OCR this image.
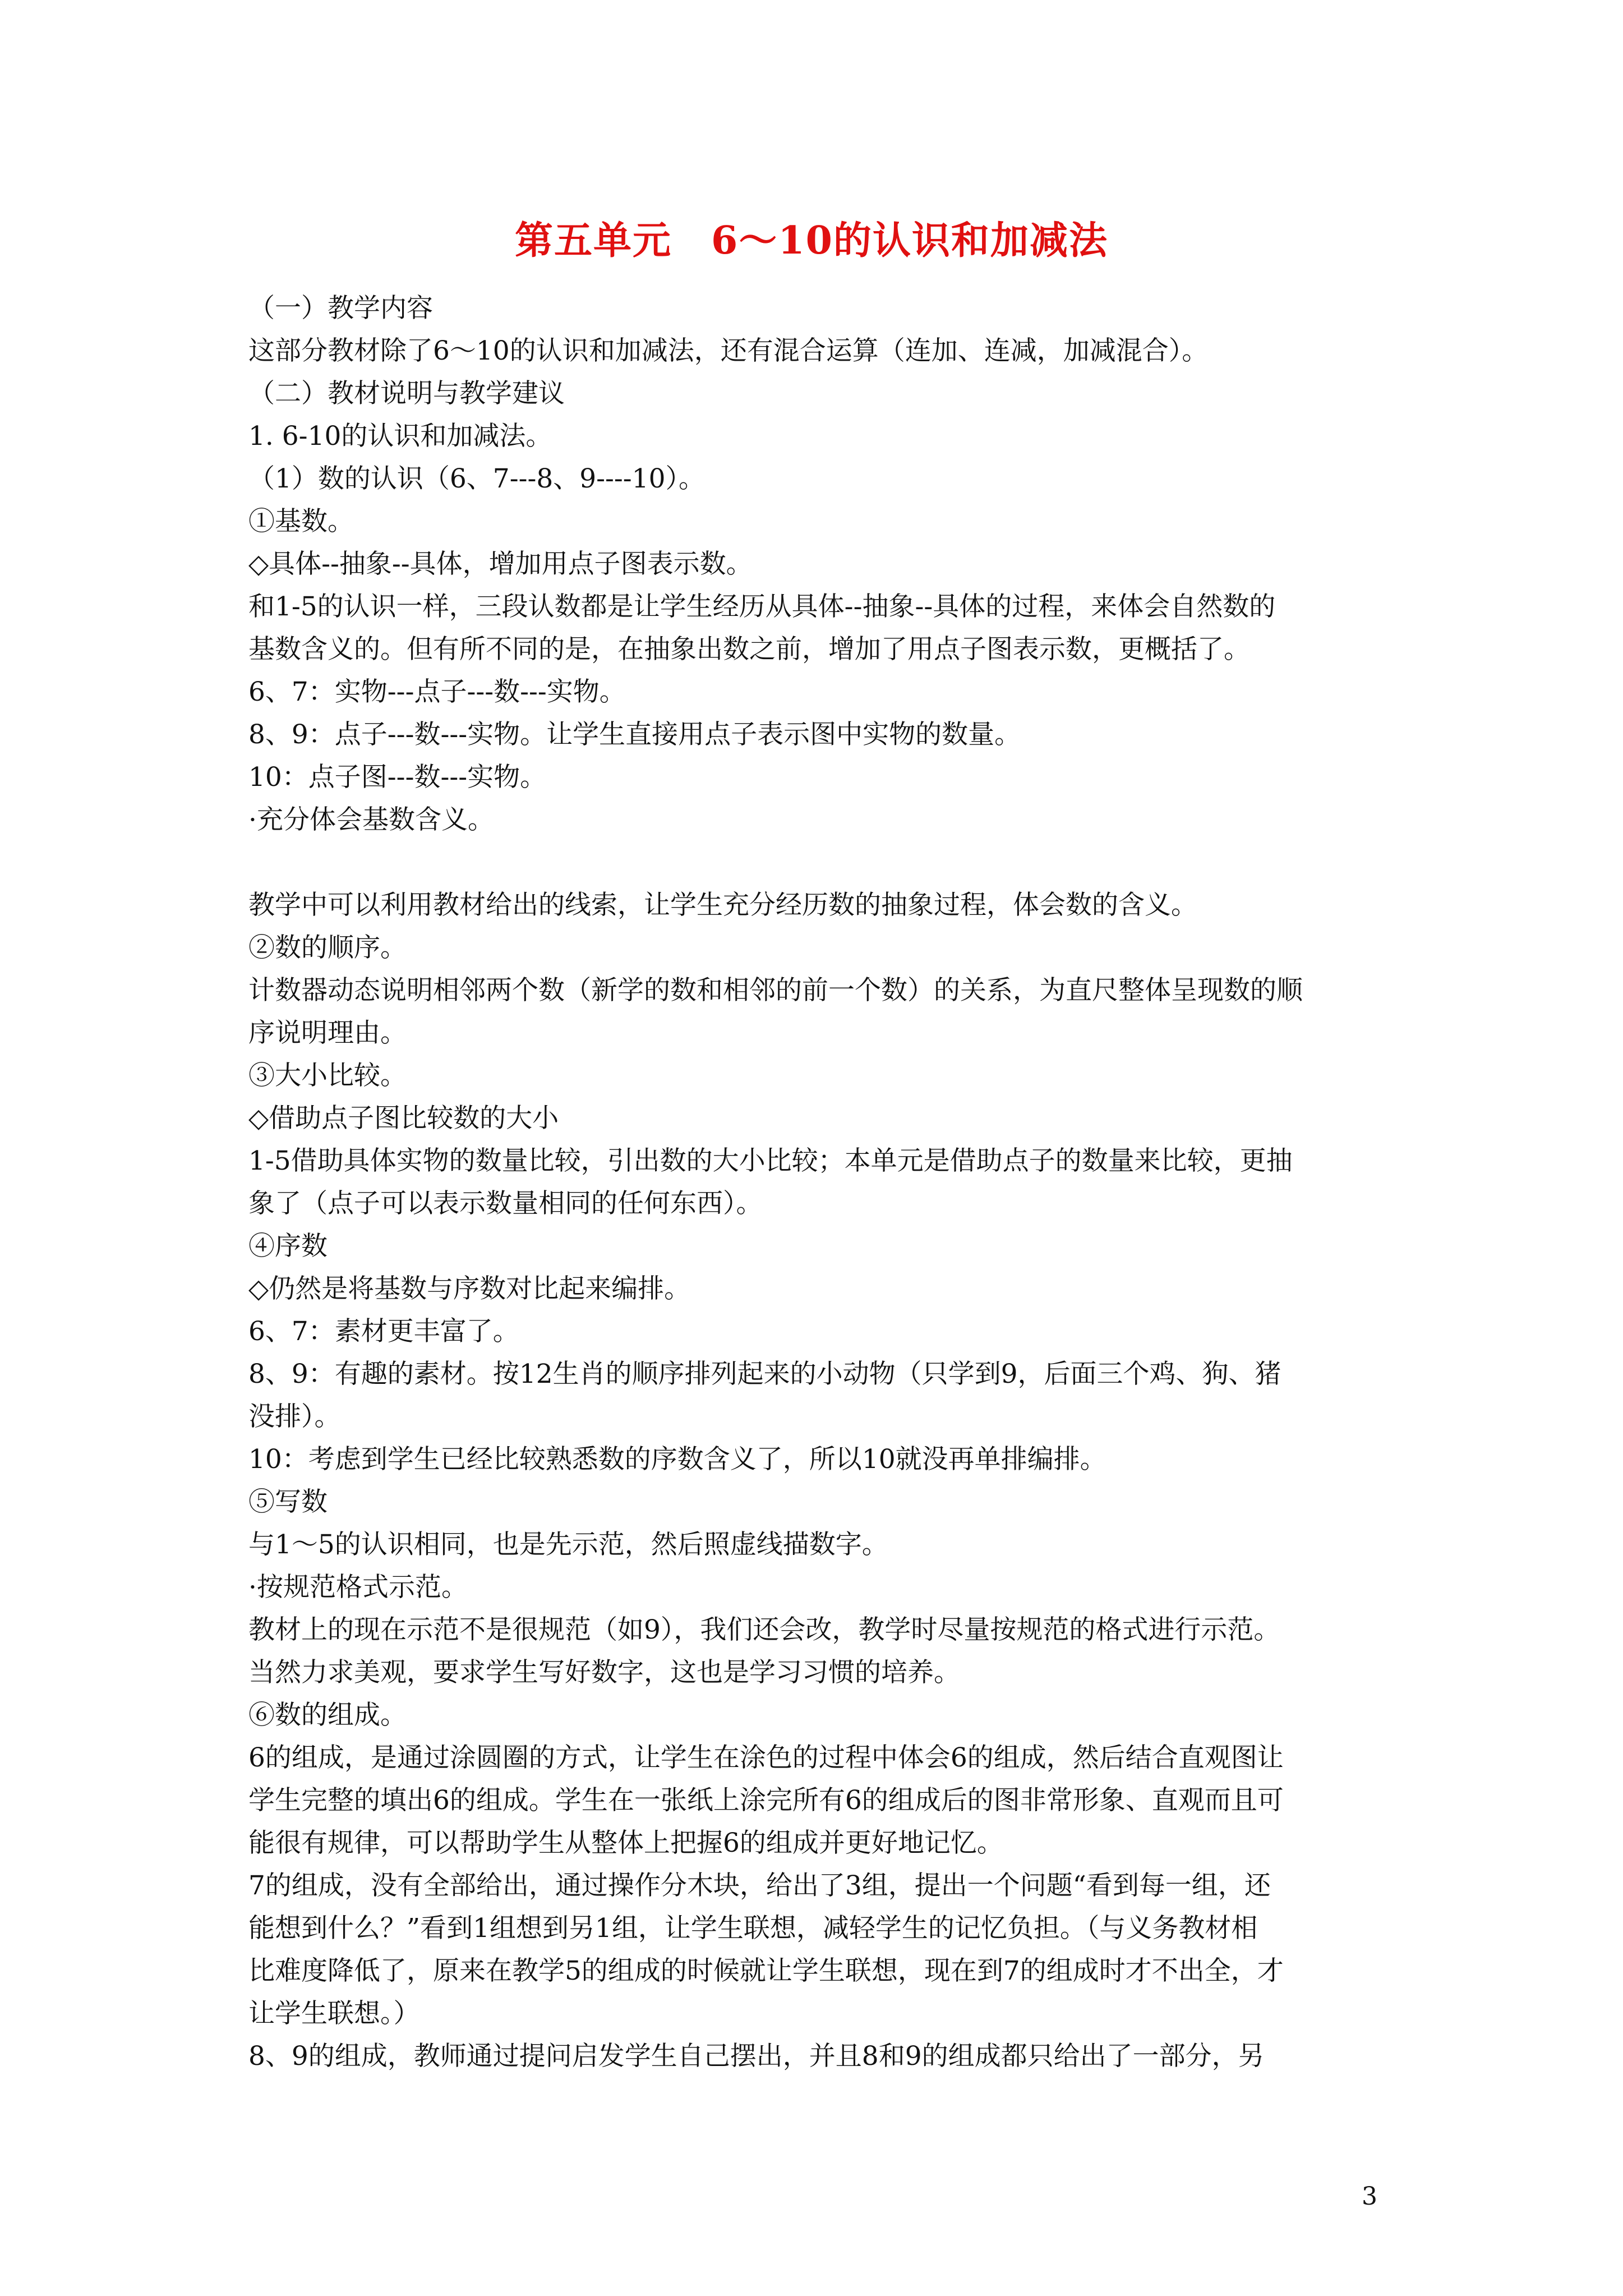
第五单元　6～10的认识和加减法
（一）教学内容
这部分教材除了6～10的认识和加减法，还有混合运算（连加、连减，加减混合）。
（二）教材说明与教学建议
1. 6-10的认识和加减法。
（1）数的认识（6、7---8、9----10）。
①基数。
◇具体--抽象--具体，增加用点子图表示数。
和1-5的认识一样，三段认数都是让学生经历从具体--抽象--具体的过程，来体会自然数的
基数含义的。但有所不同的是，在抽象出数之前，增加了用点子图表示数，更概括了。
6、7：实物---点子---数---实物。
8、9：点子---数---实物。让学生直接用点子表示图中实物的数量。
10：点子图---数---实物。
·充分体会基数含义。
教学中可以利用教材给出的线索，让学生充分经历数的抽象过程，体会数的含义。
②数的顺序。
计数器动态说明相邻两个数（新学的数和相邻的前一个数）的关系，为直尺整体呈现数的顺
序说明理由。
③大小比较。
◇借助点子图比较数的大小
1-5借助具体实物的数量比较，引出数的大小比较；本单元是借助点子的数量来比较，更抽
象了（点子可以表示数量相同的任何东西）。
④序数
◇仍然是将基数与序数对比起来编排。
6、7：素材更丰富了。
8、9：有趣的素材。按12生肖的顺序排列起来的小动物（只学到9，后面三个鸡、狗、猪
没排）。
10：考虑到学生已经比较熟悉数的序数含义了，所以10就没再单排编排。
⑤写数
与1～5的认识相同，也是先示范，然后照虚线描数字。
·按规范格式示范。
教材上的现在示范不是很规范（如9），我们还会改，教学时尽量按规范的格式进行示范。
当然力求美观，要求学生写好数字，这也是学习习惯的培养。
⑥数的组成。
6的组成，是通过涂圆圈的方式，让学生在涂色的过程中体会6的组成，然后结合直观图让
学生完整的填出6的组成。学生在一张纸上涂完所有6的组成后的图非常形象、直观而且可
能很有规律，可以帮助学生从整体上把握6的组成并更好地记忆。
7的组成，没有全部给出，通过操作分木块，给出了3组，提出一个问题“看到每一组，还
能想到什么？”看到1组想到另1组，让学生联想，减轻学生的记忆负担。（与义务教材相
比难度降低了，原来在教学5的组成的时候就让学生联想，现在到7的组成时才不出全，才
让学生联想。）
8、9的组成，教师通过提问启发学生自己摆出，并且8和9的组成都只给出了一部分，另
3
